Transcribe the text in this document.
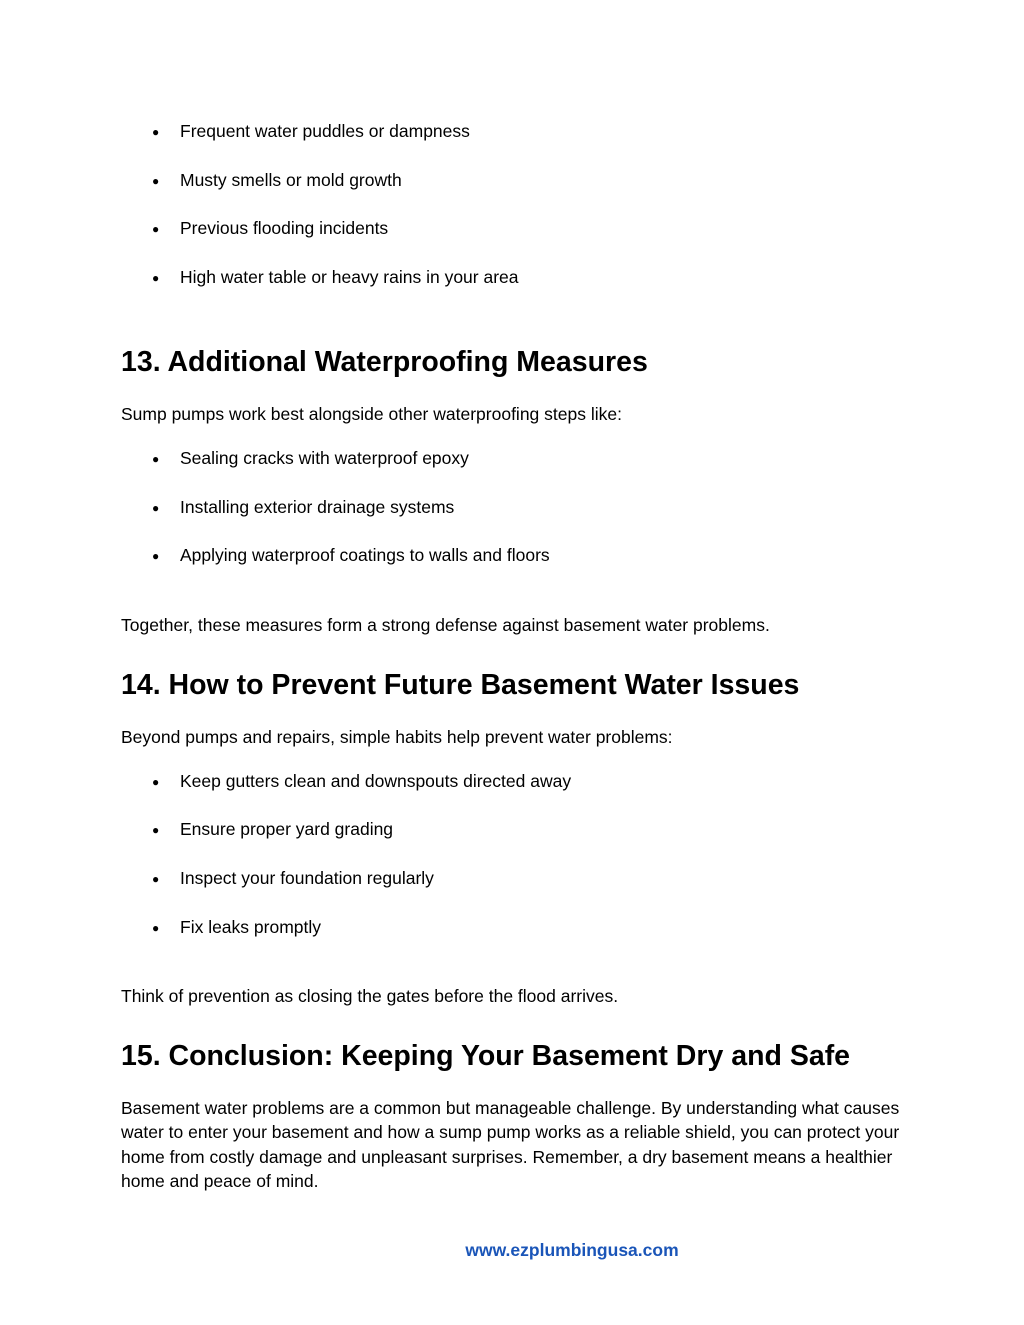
● Frequent water puddles or dampness
● Musty smells or mold growth
● Previous flooding incidents
● High water table or heavy rains in your area
13. Additional Waterproofing Measures

Sump pumps work best alongside other waterproofing steps like:

● Sealing cracks with waterproof epoxy
● Installing exterior drainage systems
● Applying waterproof coatings to walls and floors

Together, these measures form a strong defense against basement water problems.

14. How to Prevent Future Basement Water Issues

Beyond pumps and repairs, simple habits help prevent water problems:

● Keep gutters clean and downspouts directed away
● Ensure proper yard grading
● Inspect your foundation regularly
● Fix leaks promptly

Think of prevention as closing the gates before the flood arrives.

15. Conclusion: Keeping Your Basement Dry and Safe

Basement water problems are a common but manageable challenge. By understanding what causes water to enter your basement and how a sump pump works as a reliable shield, you can protect your home from costly damage and unpleasant surprises. Remember, a dry basement means a healthier home and peace of mind.

www.ezplumbingusa.com
